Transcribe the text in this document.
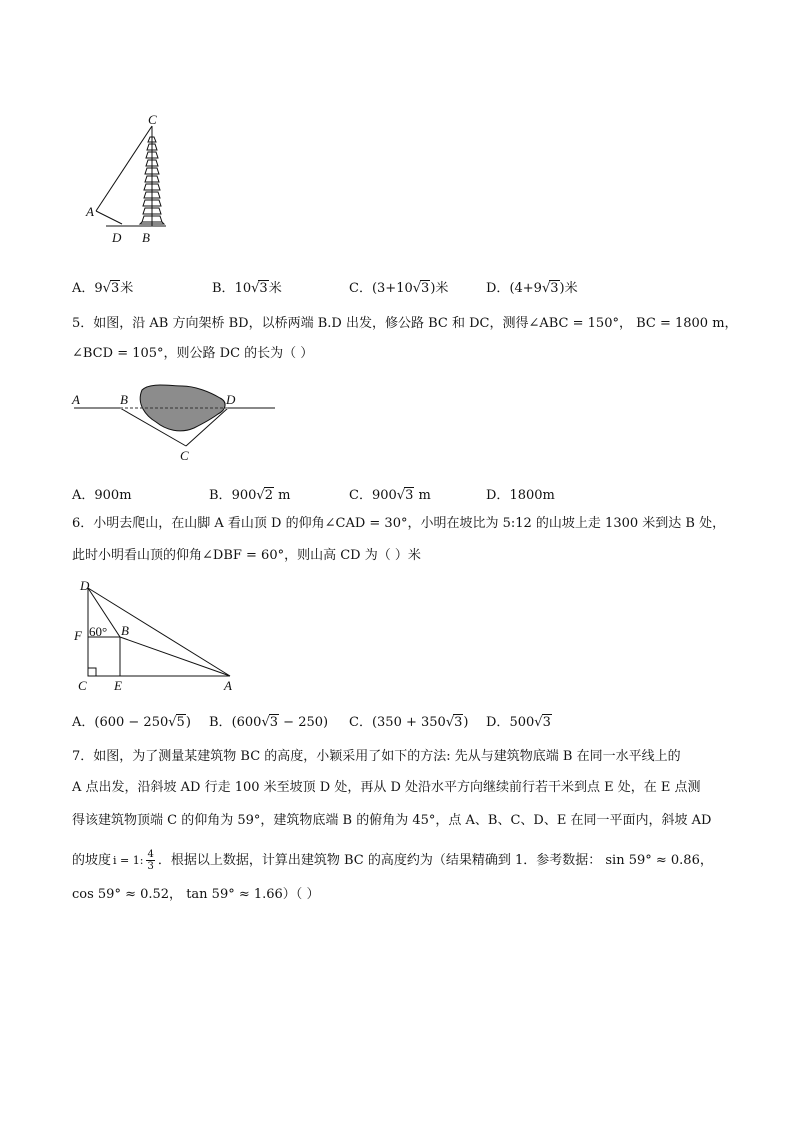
C
A
D B
A．9√3米	B．10√3米	C．(3+10√3)米	D．(4+9√3)米
5．如图，沿 AB 方向架桥 BD，以桥两端 B.D 出发，修公路 BC 和 DC，测得∠ABC = 150°， BC = 1800 m，
∠BCD = 105°，则公路 DC 的长为（ ）
A	B	D
C
A．900m	B．900√2 m	C．900√3 m	D．1800m
6．小明去爬山，在山脚 A 看山顶 D 的仰角∠CAD = 30°，小明在坡比为 5:12 的山坡上走 1300 米到达 B 处，
此时小明看山顶的仰角∠DBF = 60°，则山高 CD 为（ ）米
D
F 60° B
C E	A
A．(600 − 250√5) B．(600√3 − 250) C．(350 + 350√3) D．500√3
7．如图，为了测量某建筑物 BC 的高度，小颖采用了如下的方法: 先从与建筑物底端 B 在同一水平线上的
A 点出发，沿斜坡 AD 行走 100 米至坡顶 D 处，再从 D 处沿水平方向继续前行若干米到点 E 处，在 E 点测
得该建筑物顶端 C 的仰角为 59°，建筑物底端 B 的俯角为 45°，点 A、B、C、D、E 在同一平面内，斜坡 AD
的坡度 i = 1: $\frac{4}{3}$ ．根据以上数据，计算出建筑物 BC 的高度约为（结果精确到 1．参考数据： sin 59° ≈ 0.86，
cos 59° ≈ 0.52， tan 59° ≈ 1.66）（ ）
